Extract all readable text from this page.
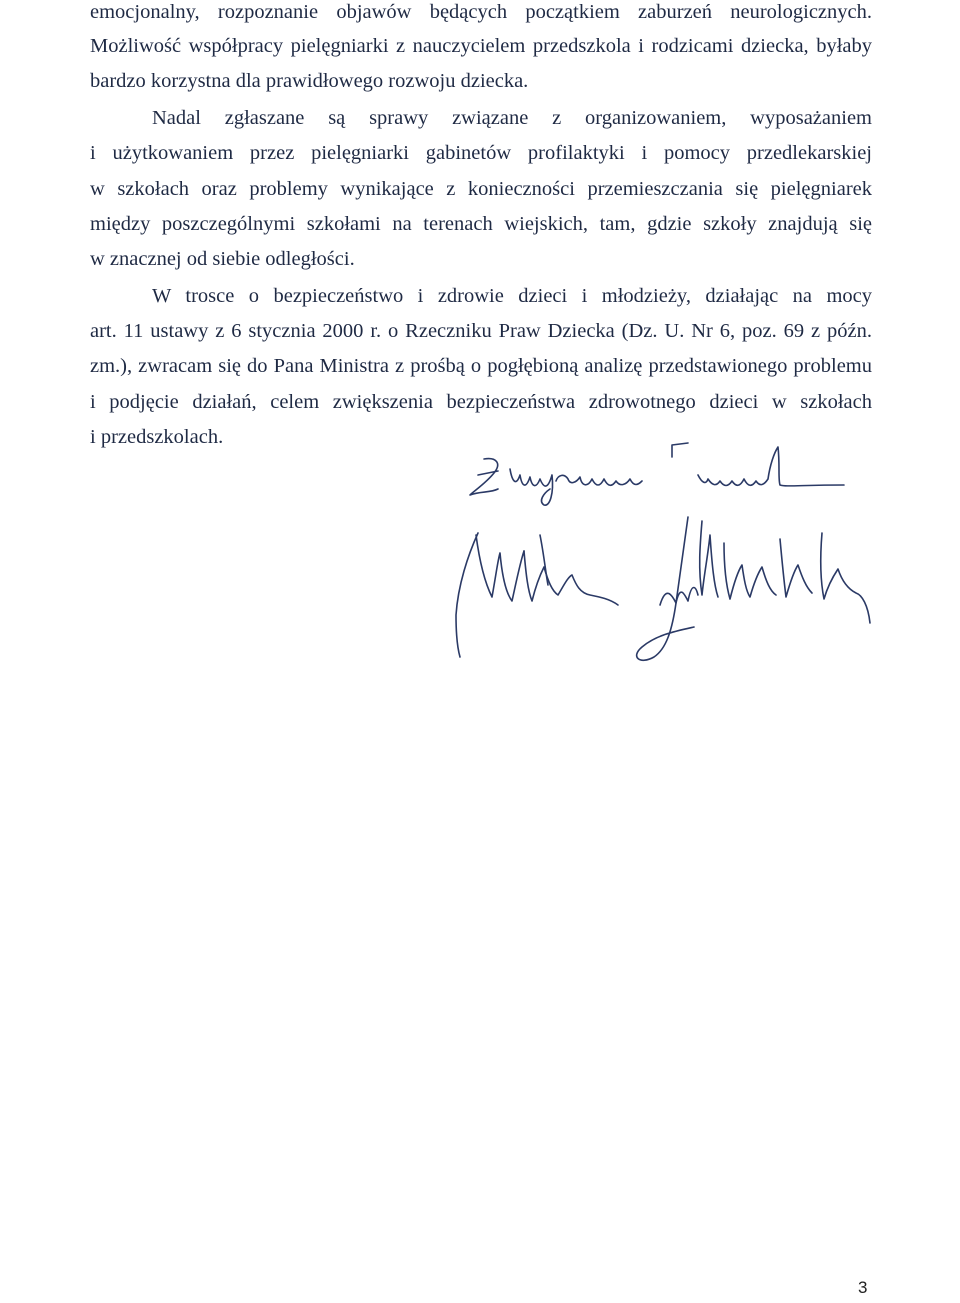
emocjonalny, rozpoznanie objawów będących początkiem zaburzeń neurologicznych.
Możliwość współpracy pielęgniarki z nauczycielem przedszkola i rodzicami dziecka, byłaby
bardzo korzystna dla prawidłowego rozwoju dziecka.
Nadal zgłaszane są sprawy związane z organizowaniem, wyposażaniem
i użytkowaniem przez pielęgniarki gabinetów profilaktyki i pomocy przedlekarskiej
w szkołach oraz problemy wynikające z konieczności przemieszczania się pielęgniarek
między poszczególnymi szkołami na terenach wiejskich, tam, gdzie szkoły znajdują się
w znacznej od siebie odległości.
W trosce o bezpieczeństwo i zdrowie dzieci i młodzieży, działając na mocy
art. 11 ustawy z 6 stycznia 2000 r. o Rzeczniku Praw Dziecka (Dz. U. Nr 6, poz. 69 z późn.
zm.), zwracam się do Pana Ministra z prośbą o pogłębioną analizę przedstawionego problemu
i podjęcie działań, celem zwiększenia bezpieczeństwa zdrowotnego dzieci w szkołach
i przedszkolach.
3
